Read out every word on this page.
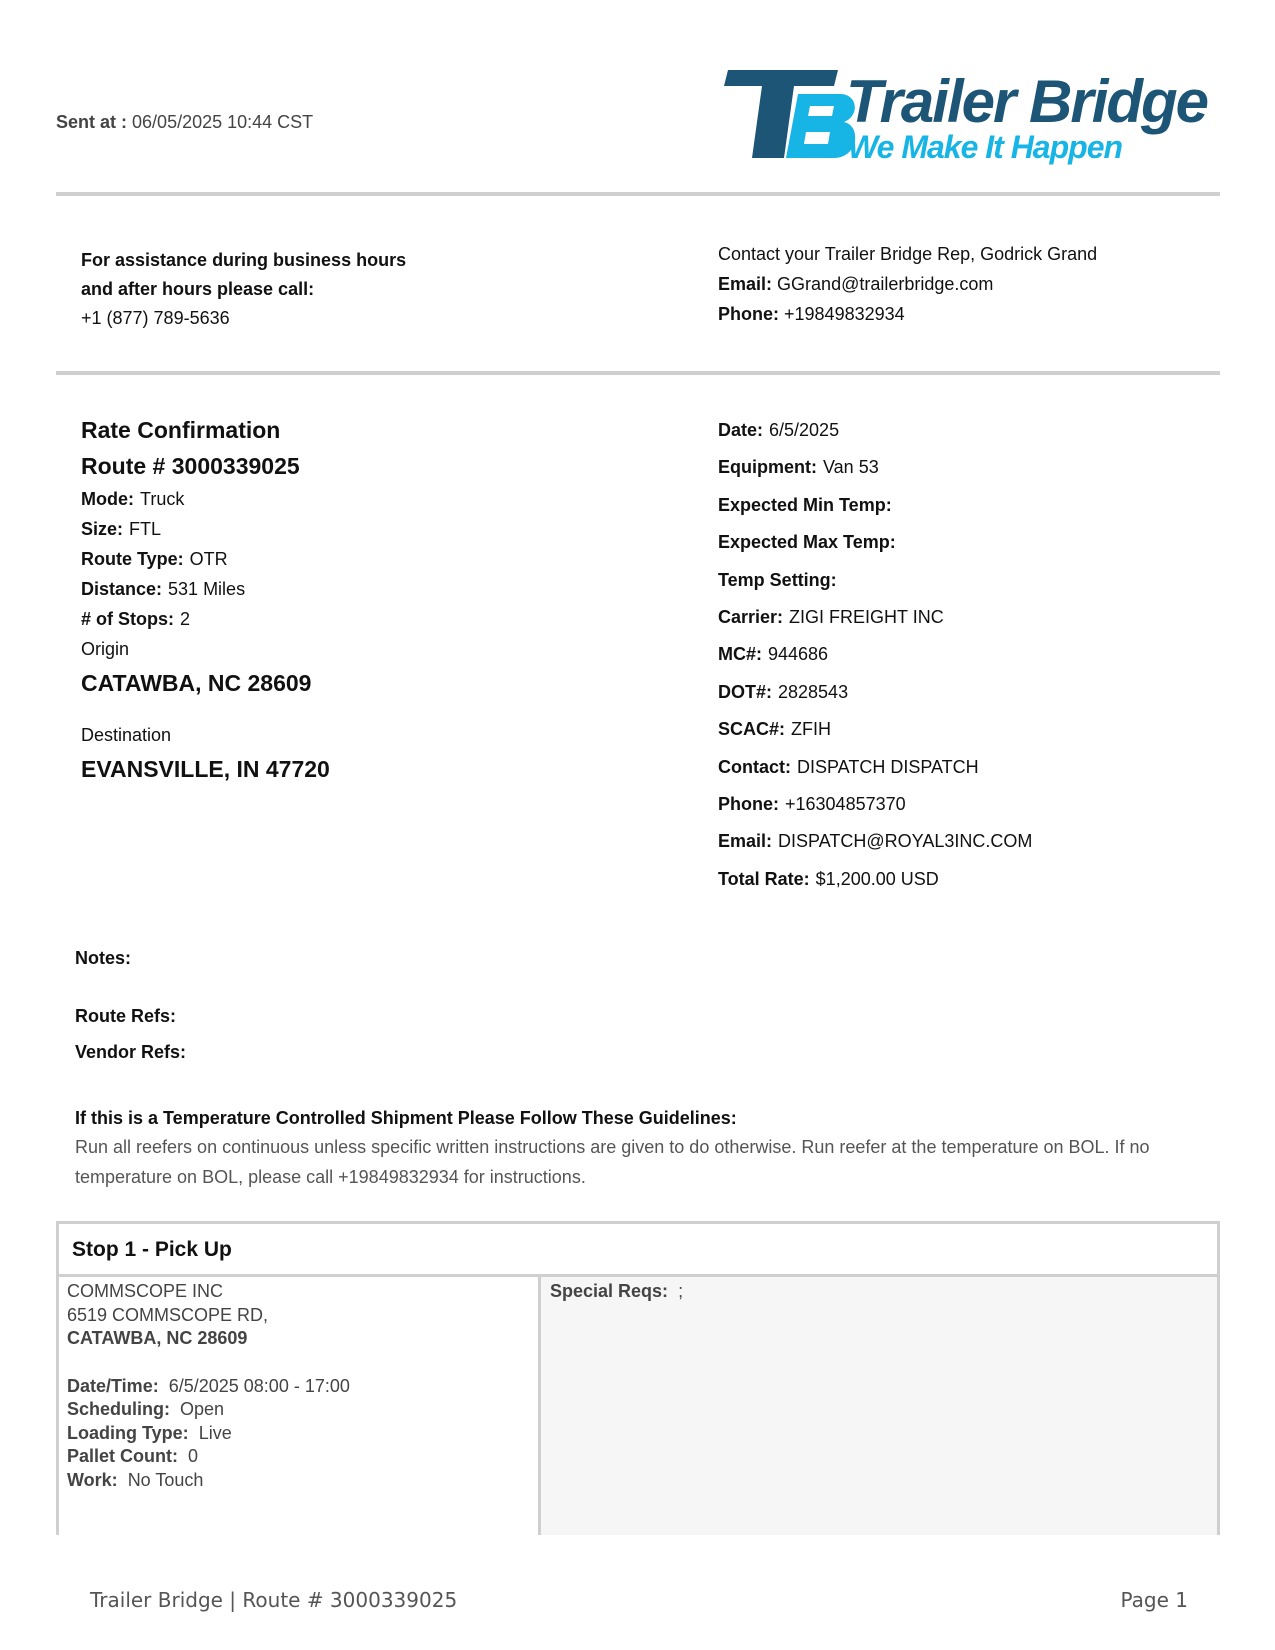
Sent at : 06/05/2025 10:44 CST	Trailer Bridge
We Make It Happen
For assistance during business hours
and after hours please call:
+1 (877) 789-5636
Contact your Trailer Bridge Rep, Godrick Grand
Email: GGrand@trailerbridge.com
Phone: +19849832934
Rate Confirmation
Route # 3000339025
Mode: Truck
Size: FTL
Route Type: OTR
Distance: 531 Miles
# of Stops: 2
Origin
CATAWBA, NC 28609
Destination
EVANSVILLE, IN 47720
Date: 6/5/2025
Equipment: Van 53
Expected Min Temp:
Expected Max Temp:
Temp Setting:
Carrier: ZIGI FREIGHT INC
MC#: 944686
DOT#: 2828543
SCAC#: ZFIH
Contact: DISPATCH DISPATCH
Phone: +16304857370
Email: DISPATCH@ROYAL3INC.COM
Total Rate: $1,200.00 USD
Notes:
Route Refs:
Vendor Refs:
If this is a Temperature Controlled Shipment Please Follow These Guidelines:
Run all reefers on continuous unless specific written instructions are given to do otherwise. Run reefer at the temperature on BOL. If no
temperature on BOL, please call +19849832934 for instructions.
Stop 1 - Pick Up
COMMSCOPE INC
6519 COMMSCOPE RD,
CATAWBA, NC 28609
Date/Time: 6/5/2025 08:00 - 17:00
Scheduling: Open
Loading Type: Live
Pallet Count: 0
Work: No Touch
Special Reqs: ;
Trailer Bridge | Route # 3000339025	Page 1
